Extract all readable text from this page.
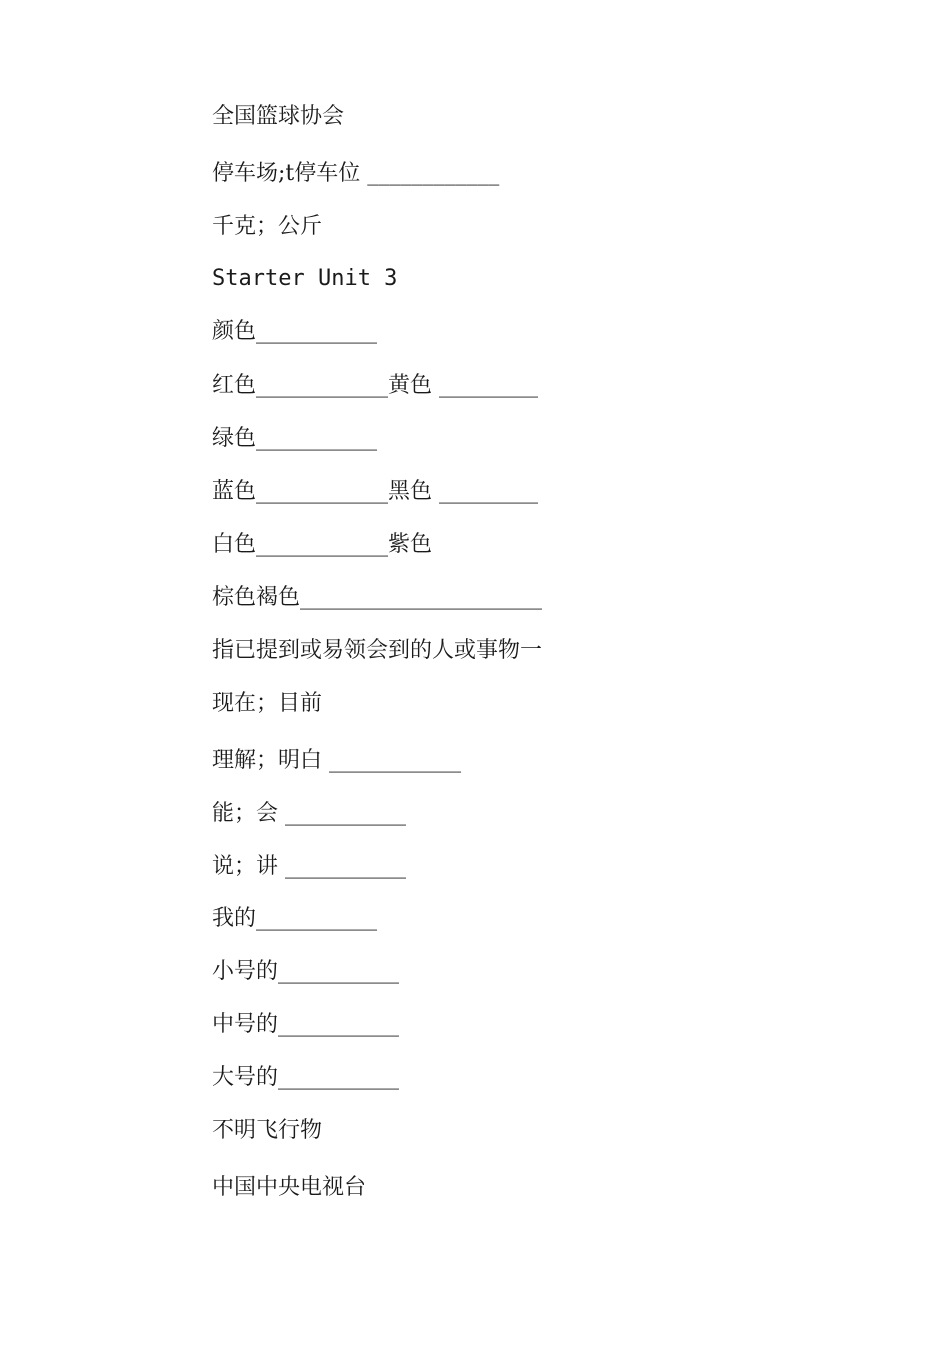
全国篮球协会
停车场;t停车位 ____________
千克；公斤
Starter Unit 3
颜色___________
红色____________黄色 _________
绿色___________
蓝色____________黑色 _________
白色____________紫色
棕色褐色______________________
指已提到或易领会到的人或事物一
现在；目前
理解；明白 ____________
能；会 ___________
说；讲 ___________
我的___________
小号的___________
中号的___________
大号的___________
不明飞行物
中国中央电视台
